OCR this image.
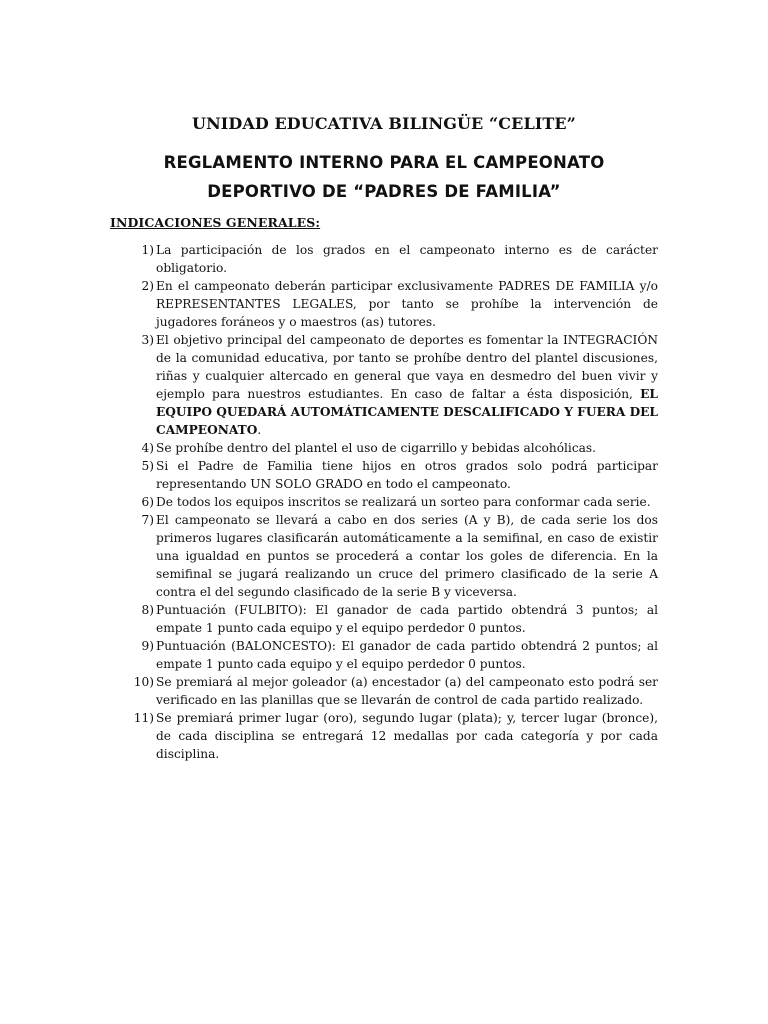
UNIDAD EDUCATIVA BILINGÜE “CELITE”
REGLAMENTO INTERNO PARA EL CAMPEONATO
DEPORTIVO DE “PADRES DE FAMILIA”
INDICACIONES GENERALES:
1) La participación de los grados en el campeonato interno es de carácter obligatorio.
2) En el campeonato deberán participar exclusivamente PADRES DE FAMILIA y/o REPRESENTANTES LEGALES, por tanto se prohíbe la intervención de jugadores foráneos y o maestros (as) tutores.
3) El objetivo principal del campeonato de deportes es fomentar la INTEGRACIÓN de la comunidad educativa, por tanto se prohíbe dentro del plantel discusiones, riñas y cualquier altercado en general que vaya en desmedro del buen vivir y ejemplo para nuestros estudiantes. En caso de faltar a ésta disposición, EL EQUIPO QUEDARÁ AUTOMÁTICAMENTE DESCALIFICADO Y FUERA DEL CAMPEONATO.
4) Se prohíbe dentro del plantel el uso de cigarrillo y bebidas alcohólicas.
5) Si el Padre de Familia tiene hijos en otros grados solo podrá participar representando UN SOLO GRADO en todo el campeonato.
6) De todos los equipos inscritos se realizará un sorteo para conformar cada serie.
7) El campeonato se llevará a cabo en dos series (A y B), de cada serie los dos primeros lugares clasificarán automáticamente a la semifinal, en caso de existir una igualdad en puntos se procederá a contar los goles de diferencia. En la semifinal se jugará realizando un cruce del primero clasificado de la serie A contra el del segundo clasificado de la serie B y viceversa.
8) Puntuación (FULBITO): El ganador de cada partido obtendrá 3 puntos; al empate 1 punto cada equipo y el equipo perdedor 0 puntos.
9) Puntuación (BALONCESTO): El ganador de cada partido obtendrá 2 puntos; al empate 1 punto cada equipo y el equipo perdedor 0 puntos.
10) Se premiará al mejor goleador (a) encestador (a) del campeonato esto podrá ser verificado en las planillas que se llevarán de control de cada partido realizado.
11) Se premiará primer lugar (oro), segundo lugar (plata); y, tercer lugar (bronce), de cada disciplina se entregará 12 medallas por cada categoría y por cada disciplina.
